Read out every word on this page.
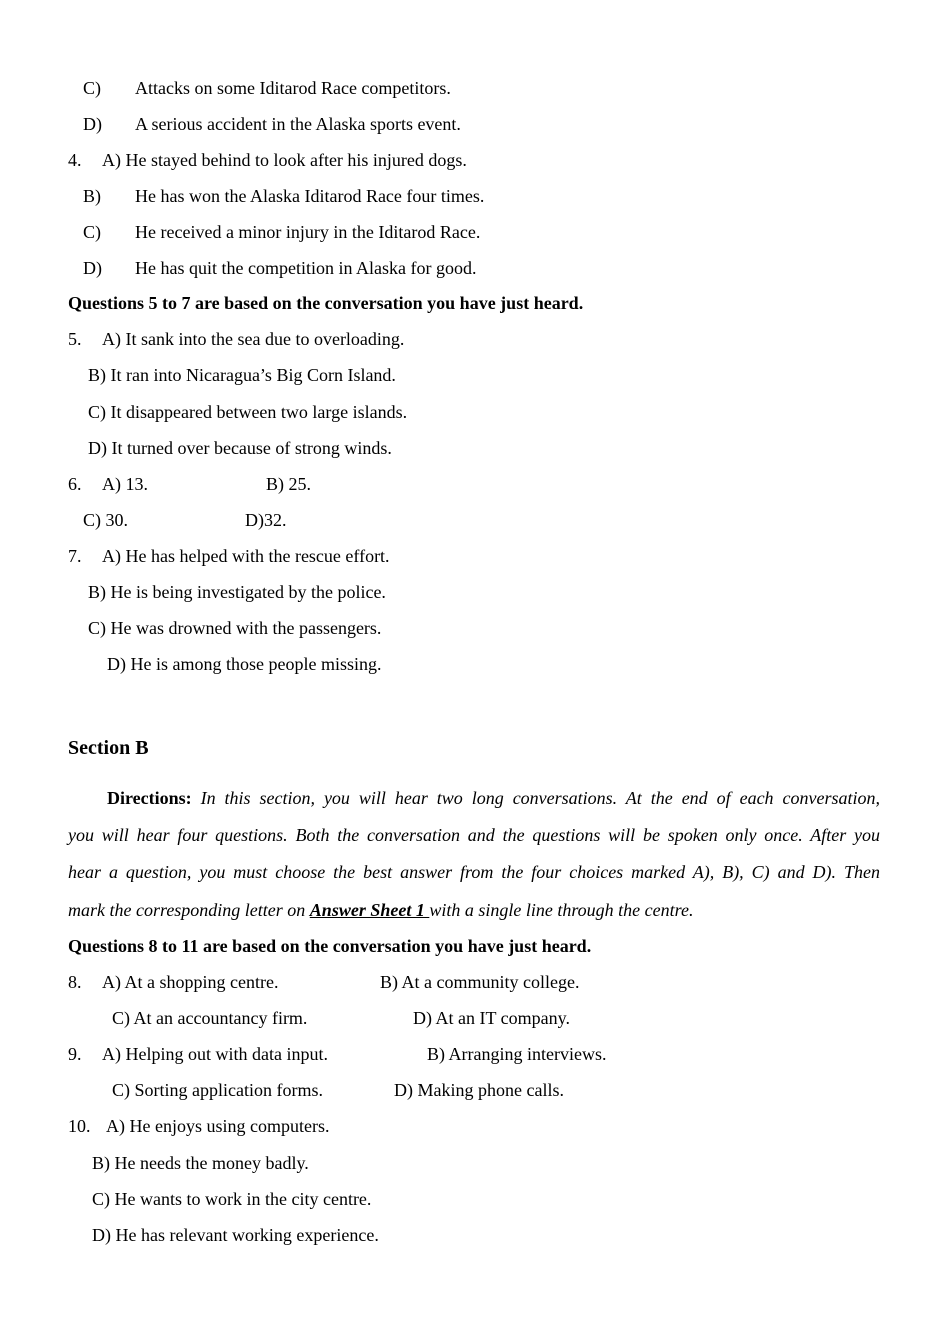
C) Attacks on some Iditarod Race competitors.
D) A serious accident in the Alaska sports event.
4. A) He stayed behind to look after his injured dogs.
B) He has won the Alaska Iditarod Race four times.
C) He received a minor injury in the Iditarod Race.
D) He has quit the competition in Alaska for good.
Questions 5 to 7 are based on the conversation you have just heard.
5. A) It sank into the sea due to overloading.
B) It ran into Nicaragua’s Big Corn Island.
C) It disappeared between two large islands.
D) It turned over because of strong winds.
6. A) 13.	B) 25.
C) 30.	D)32.
7. A) He has helped with the rescue effort.
B) He is being investigated by the police.
C) He was drowned with the passengers.
D) He is among those people missing.
Section B
Directions: In this section, you will hear two long conversations. At the end of each conversation,
you will hear four questions. Both the conversation and the questions will be spoken only once. After you
hear a question, you must choose the best answer from the four choices marked A), B), C) and D). Then
mark the corresponding letter on Answer Sheet 1 with a single line through the centre.
Questions 8 to 11 are based on the conversation you have just heard.
8. A) At a shopping centre.	B) At a community college.
C) At an accountancy firm.	D) At an IT company.
9. A) Helping out with data input.	B) Arranging interviews.
C) Sorting application forms.	D) Making phone calls.
10. A) He enjoys using computers.
B) He needs the money badly.
C) He wants to work in the city centre.
D) He has relevant working experience.
